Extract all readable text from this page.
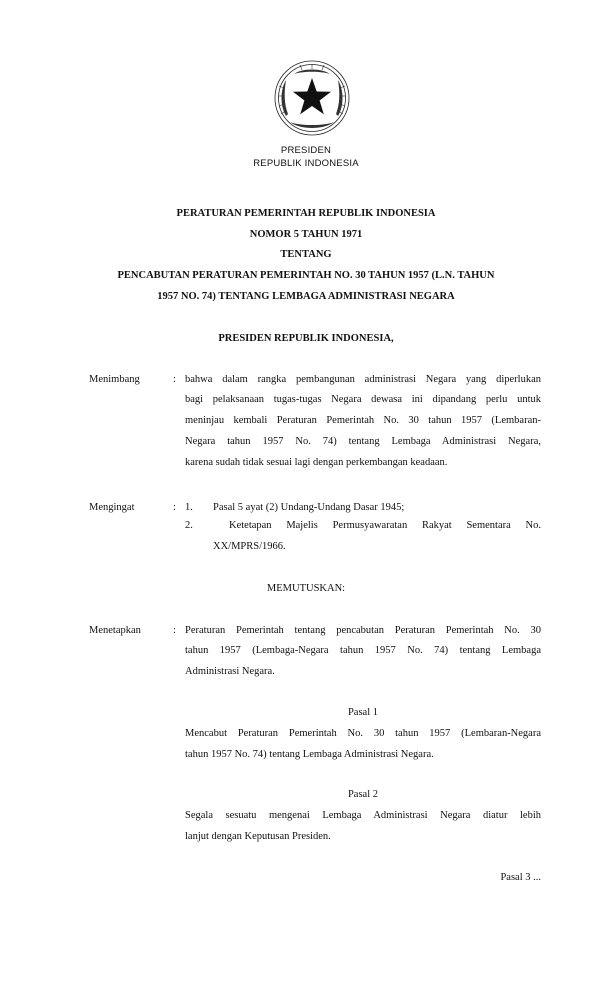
PRESIDEN
REPUBLIK INDONESIA
PERATURAN PEMERINTAH REPUBLIK INDONESIA
NOMOR 5 TAHUN 1971
TENTANG
PENCABUTAN PERATURAN PEMERINTAH NO. 30 TAHUN 1957 (L.N. TAHUN
1957 NO. 74) TENTANG LEMBAGA ADMINISTRASI NEGARA
PRESIDEN REPUBLIK INDONESIA,
Menimbang	: bahwa dalam rangka pembangunan administrasi Negara yang diperlukan
bagi pelaksanaan tugas-tugas Negara dewasa ini dipandang perlu untuk
meninjau kembali Peraturan Pemerintah No. 30 tahun 1957 (Lembaran-
Negara tahun 1957 No. 74) tentang Lembaga Administrasi Negara,
karena sudah tidak sesuai lagi dengan perkembangan keadaan.
Mengingat	: 1. Pasal 5 ayat (2) Undang-Undang Dasar 1945;
2.	Ketetapan Majelis Permusyawaratan Rakyat Sementara No.
XX/MPRS/1966.
MEMUTUSKAN:
Menetapkan	: Peraturan Pemerintah tentang pencabutan Peraturan Pemerintah No. 30
tahun 1957 (Lembaga-Negara tahun 1957 No. 74) tentang Lembaga
Administrasi Negara.
Pasal 1
Mencabut Peraturan Pemerintah No. 30 tahun 1957 (Lembaran-Negara
tahun 1957 No. 74) tentang Lembaga Administrasi Negara.
Pasal 2
Segala sesuatu mengenai Lembaga Administrasi Negara diatur lebih
lanjut dengan Keputusan Presiden.
Pasal 3 ...
